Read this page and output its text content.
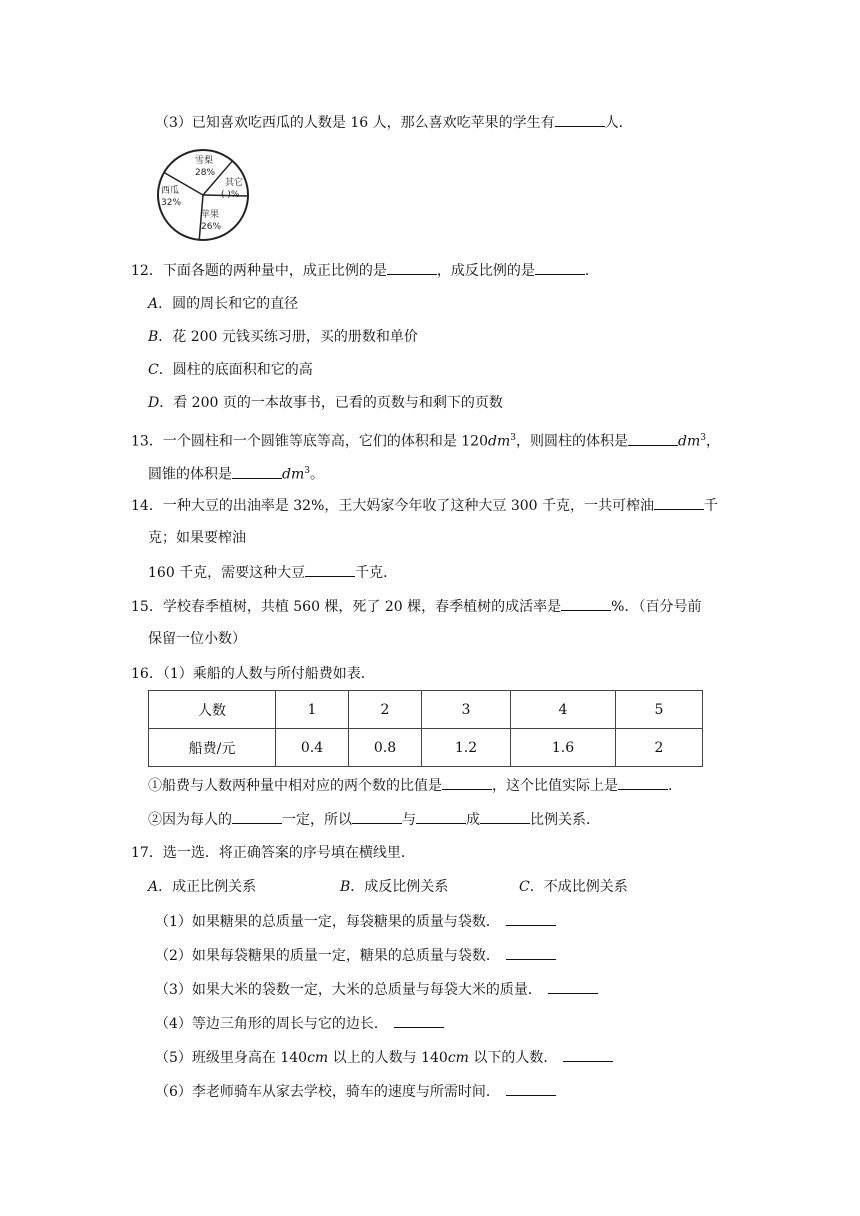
（3）已知喜欢吃西瓜的人数是 16 人，那么喜欢吃苹果的学生有	人．
雪梨
28%
其它
( )%
苹果
26%
西瓜
32%
12．下面各题的两种量中，成正比例的是	，成反比例的是	．
A．圆的周长和它的直径
B．花 200 元钱买练习册，买的册数和单价
C．圆柱的底面积和它的高
D．看 200 页的一本故事书，已看的页数与和剩下的页数
13．一个圆柱和一个圆锥等底等高，它们的体积和是 $120dm^3$，则圆柱的体积是	$dm^3$，
圆锥的体积是	$dm^3$。
14．一种大豆的出油率是 32%，王大妈家今年收了这种大豆 300 千克，一共可榨油	千
克；如果要榨油
160 千克，需要这种大豆	千克．
15．学校春季植树，共植 560 棵，死了 20 棵，春季植树的成活率是	%．（百分号前
保留一位小数）
16．（1）乘船的人数与所付船费如表．
人数	1	2	3	4	5
船费/元	0.4	0.8	1.2	1.6	2
①船费与人数两种量中相对应的两个数的比值是	，这个比值实际上是	．
②因为每人的	一定，所以	与	成	比例关系．
17．选一选．将正确答案的序号填在横线里．
A．成正比例关系	B．成反比例关系	C．不成比例关系
（1）如果糖果的总质量一定，每袋糖果的质量与袋数．
（2）如果每袋糖果的质量一定，糖果的总质量与袋数．
（3）如果大米的袋数一定，大米的总质量与每袋大米的质量．
（4）等边三角形的周长与它的边长．
（5）班级里身高在 140cm 以上的人数与 140cm 以下的人数．
（6）李老师骑车从家去学校，骑车的速度与所需时间．
